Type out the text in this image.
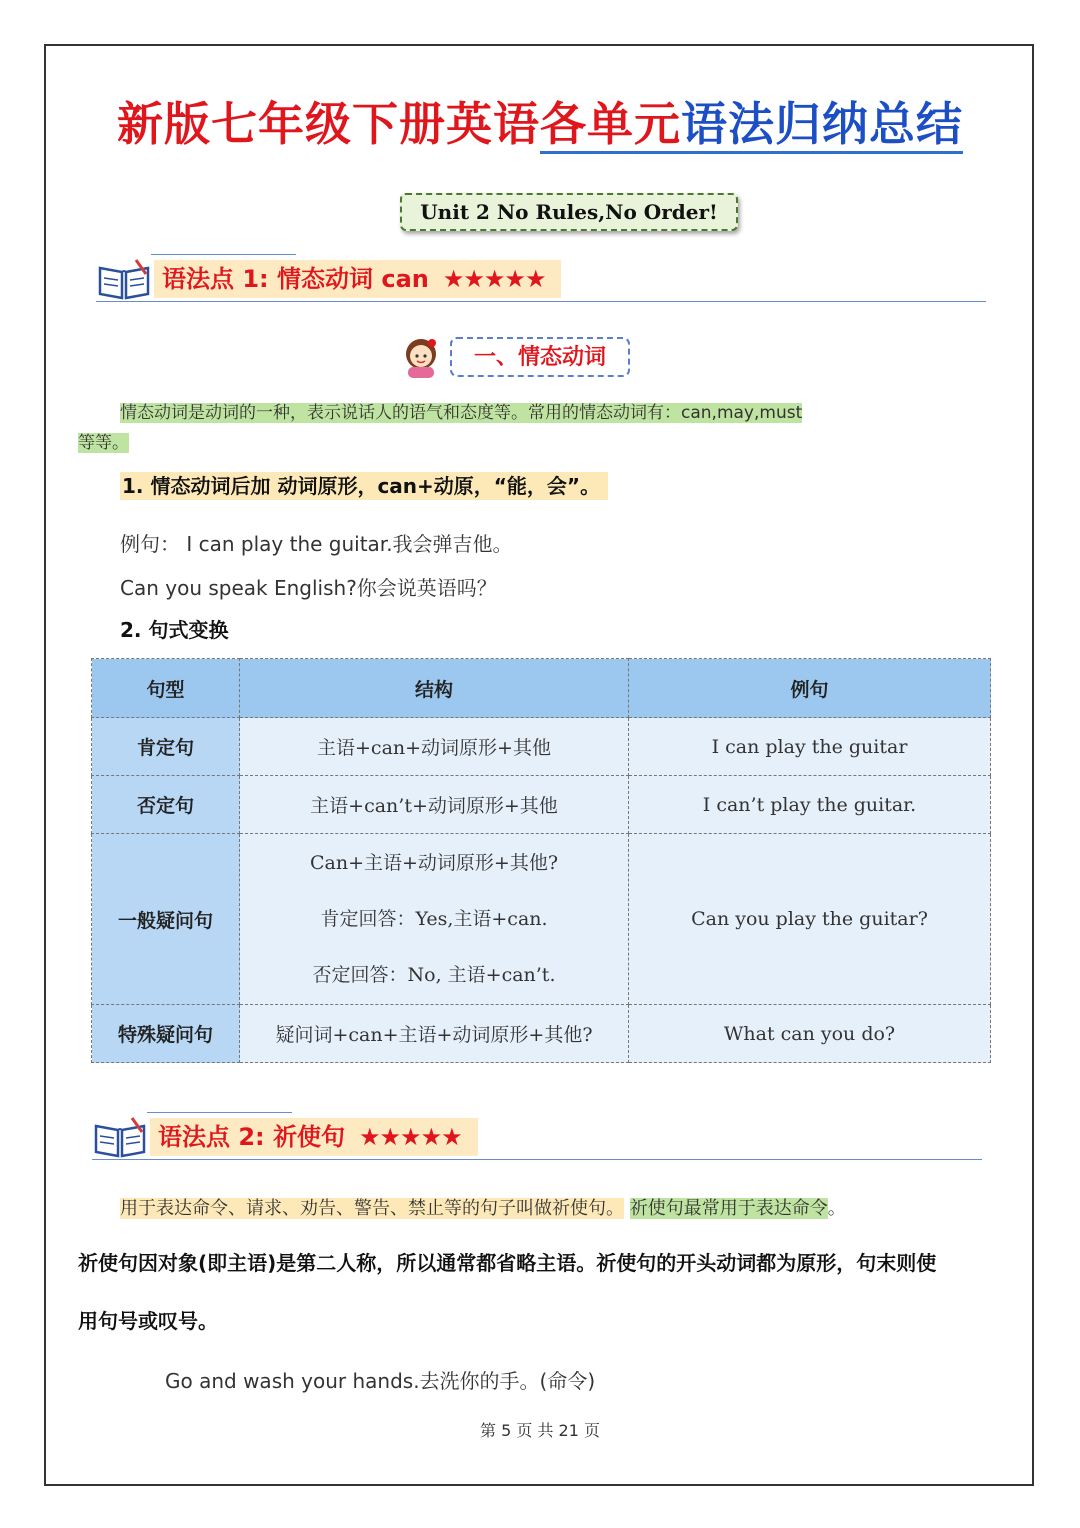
新版七年级下册英语各单元语法归纳总结
Unit 2 No Rules,No Order!
语法点 1: 情态动词 can ★★★★★
一、情态动词
情态动词是动词的一种，表示说话人的语气和态度等。常用的情态动词有：can,may,must
等等。
1. 情态动词后加 动词原形，can+动原，“能，会”。
例句： I can play the guitar.我会弹吉他。
Can you speak English?你会说英语吗？
2. 句式变换
句型	结构	例句
肯定句	主语+can+动词原形+其他	I can play the guitar
否定句	主语+can’t+动词原形+其他	I can’t play the guitar.
一般疑问句	Can+主语+动词原形+其他?
肯定回答：Yes,主语+can.
否定回答：No, 主语+can’t.	Can you play the guitar?
特殊疑问句	疑问词+can+主语+动词原形+其他?	What can you do?
语法点 2: 祈使句 ★★★★★
用于表达命令、请求、劝告、警告、禁止等的句子叫做祈使句。 祈使句最常用于表达命令。
祈使句因对象(即主语)是第二人称，所以通常都省略主语。祈使句的开头动词都为原形，句末则使
用句号或叹号。
Go and wash your hands.去洗你的手。(命令)
第 5 页 共 21 页
